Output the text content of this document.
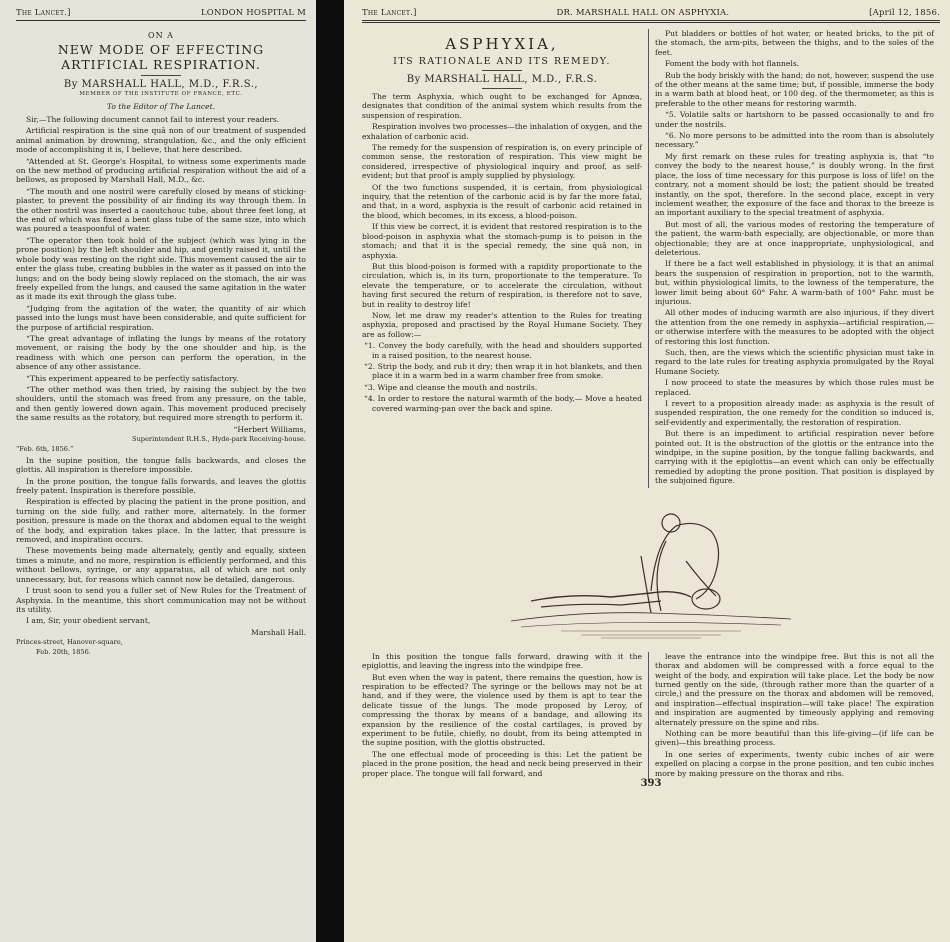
The Lancet.]	LONDON HOSPITAL M
ON A
NEW MODE OF EFFECTING ARTIFICIAL RESPIRATION.
By MARSHALL HALL, M.D., F.R.S.,
MEMBER OF THE INSTITUTE OF FRANCE, ETC.
To the Editor of The Lancet.

Sir,—The following document cannot fail to interest your readers.

Artificial respiration is the sine quâ non of our treatment of suspended animal animation by drowning, strangulation, &c., and the only efficient mode of accomplishing it is, I believe, that here described.

“Attended at St. George's Hospital, to witness some experiments made on the new method of producing artificial respiration without the aid of a bellows, as proposed by Marshall Hall, M.D., &c.

“The mouth and one nostril were carefully closed by means of sticking-plaster, to prevent the possibility of air finding its way through them. In the other nostril was inserted a caoutchouc tube, about three feet long, at the end of which was fixed a bent glass tube of the same size, into which was poured a teaspoonful of water.

“The operator then took hold of the subject (which was lying in the prone position) by the left shoulder and hip, and gently raised it, until the whole body was resting on the right side. This movement caused the air to enter the glass tube, creating bubbles in the water as it passed on into the lungs; and on the body being slowly replaced on the stomach, the air was freely expelled from the lungs, and caused the same agitation in the water as it made its exit through the glass tube.

“Judging from the agitation of the water, the quantity of air which passed into the lungs must have been considerable, and quite sufficient for the purpose of artificial respiration.

“The great advantage of inflating the lungs by means of the rotatory movement, or raising the body by the one shoulder and hip, is the readiness with which one person can perform the operation, in the absence of any other assistance.

“This experiment appeared to be perfectly satisfactory.

“The other method was then tried, by raising the subject by the two shoulders, until the stomach was freed from any pressure, on the table, and then gently lowered down again. This movement produced precisely the same results as the rotatory, but required more strength to perform it.

“Herbert Williams,

Superintendent R.H.S., Hyde-park Receiving-house.

“Feb. 6th, 1856.”

In the supine position, the tongue falls backwards, and closes the glottis. All inspiration is therefore impossible.

In the prone position, the tongue falls forwards, and leaves the glottis freely patent. Inspiration is therefore possible.

Respiration is effected by placing the patient in the prone position, and turning on the side fully, and rather more, alternately. In the former position, pressure is made on the thorax and abdomen equal to the weight of the body, and expiration takes place. In the latter, that pressure is removed, and inspiration occurs.

These movements being made alternately, gently and equally, sixteen times a minute, and no more, respiration is efficiently performed, and this without bellows, syringe, or any apparatus, all of which are not only unnecessary, but, for reasons which cannot now be detailed, dangerous.

I trust soon to send you a fuller set of New Rules for the Treatment of Asphyxia. In the meantime, this short communication may not be without its utility.

I am, Sir, your obedient servant,

Marshall Hall.

Princes-street, Hanover-square,

Feb. 20th, 1856.

The Lancet.]	DR. MARSHALL HALL ON ASPHYXIA.	[April 12, 1856.
ASPHYXIA,
ITS RATIONALE AND ITS REMEDY.
By MARSHALL HALL, M.D., F.R.S.

The term Asphyxia, which ought to be exchanged for Apnœa, designates that condition of the animal system which results from the suspension of respiration.

Respiration involves two processes—the inhalation of oxygen, and the exhalation of carbonic acid.

The remedy for the suspension of respiration is, on every principle of common sense, the restoration of respiration. This view might be considered, irrespective of physiological inquiry and proof, as self-evident; but that proof is amply supplied by physiology.

Of the two functions suspended, it is certain, from physiological inquiry, that the retention of the carbonic acid is by far the more fatal, and that, in a word, asphyxia is the result of carbonic acid retained in the blood, which becomes, in its excess, a blood-poison.

If this view be correct, it is evident that restored respiration is to the blood-poison in asphyxia what the stomach-pump is to poison in the stomach; and that it is the special remedy, the sine quâ non, in asphyxia.

But this blood-poison is formed with a rapidity proportionate to the circulation, which is, in its turn, proportionate to the temperature. To elevate the temperature, or to accelerate the circulation, without having first secured the return of respiration, is therefore not to save, but in reality to destroy life!

Now, let me draw my reader's attention to the Rules for treating asphyxia, proposed and practised by the Royal Humane Society. They are as follow:—

“1. Convey the body carefully, with the head and shoulders supported in a raised position, to the nearest house.

“2. Strip the body, and rub it dry; then wrap it in hot blankets, and then place it in a warm bed in a warm chamber free from smoke.

“3. Wipe and cleanse the mouth and nostrils.

“4. In order to restore the natural warmth of the body,— Move a heated covered warming-pan over the back and spine.

Put bladders or bottles of hot water, or heated bricks, to the pit of the stomach, the arm-pits, between the thighs, and to the soles of the feet.

Foment the body with hot flannels.

Rub the body briskly with the hand; do not, however, suspend the use of the other means at the same time; but, if possible, immerse the body in a warm bath at blood heat, or 100 deg. of the thermometer, as this is preferable to the other means for restoring warmth.

“5. Volatile salts or hartshorn to be passed occasionally to and fro under the nostrils.

“6. No more persons to be admitted into the room than is absolutely necessary.”

My first remark on these rules for treating asphyxia is, that “to convey the body to the nearest house,” is doubly wrong. In the first place, the loss of time necessary for this purpose is loss of life! on the contrary, not a moment should be lost; the patient should be treated instantly, on the spot, therefore. In the second place, except in very inclement weather, the exposure of the face and thorax to the breeze is an important auxiliary to the special treatment of asphyxia.

But most of all, the various modes of restoring the temperature of the patient, the warm-bath especially, are objectionable, or more than objectionable; they are at once inappropriate, unphysiological, and deleterious.

If there be a fact well established in physiology, it is that an animal bears the suspension of respiration in proportion, not to the warmth, but, within physiological limits, to the lowness of the temperature, the lower limit being about 60° Fahr. A warm-bath of 100° Fahr. must be injurious.

All other modes of inducing warmth are also injurious, if they divert the attention from the one remedy in asphyxia—artificial respiration,—or otherwise interfere with the measures to be adopted with the object of restoring this lost function.

Such, then, are the views which the scientific physician must take in regard to the late rules for treating asphyxia promulgated by the Royal Humane Society.

I now proceed to state the measures by which those rules must be replaced.

I revert to a proposition already made: as asphyxia is the result of suspended respiration, the one remedy for the condition so induced is, self-evidently and experimentally, the restoration of respiration.

But there is an impediment to artificial respiration never before pointed out. It is the obstruction of the glottis or the entrance into the windpipe, in the supine position, by the tongue falling backwards, and carrying with it the epiglottis—an event which can only be effectually remedied by adopting the prone position. That position is displayed by the subjoined figure.

In this position the tongue falls forward, drawing with it the epiglottis, and leaving the ingress into the windpipe free.

But even when the way is patent, there remains the question, how is respiration to be effected? The syringe or the bellows may not be at hand, and if they were, the violence used by them is apt to tear the delicate tissue of the lungs. The mode proposed by Leroy, of compressing the thorax by means of a bandage, and allowing its expansion by the resilience of the costal cartilages, is proved by experiment to be futile, chiefly, no doubt, from its being attempted in the supine position, with the glottis obstructed.

The one effectual mode of proceeding is this: Let the patient be placed in the prone position, the head and neck being preserved in their proper place. The tongue will fall forward, and

leave the entrance into the windpipe free. But this is not all the thorax and abdomen will be compressed with a force equal to the weight of the body, and expiration will take place. Let the body be now turned gently on the side, (through rather more than the quarter of a circle,) and the pressure on the thorax and abdomen will be removed, and inspiration—effectual inspiration—will take place! The expiration and inspiration are augmented by timeously applying and removing alternately pressure on the spine and ribs.

Nothing can be more beautiful than this life-giving—(if life can be given)—this breathing process.

In one series of experiments, twenty cubic inches of air were expelled on placing a corpse in the prone position, and ten cubic inches more by making pressure on the thorax and ribs.

393
